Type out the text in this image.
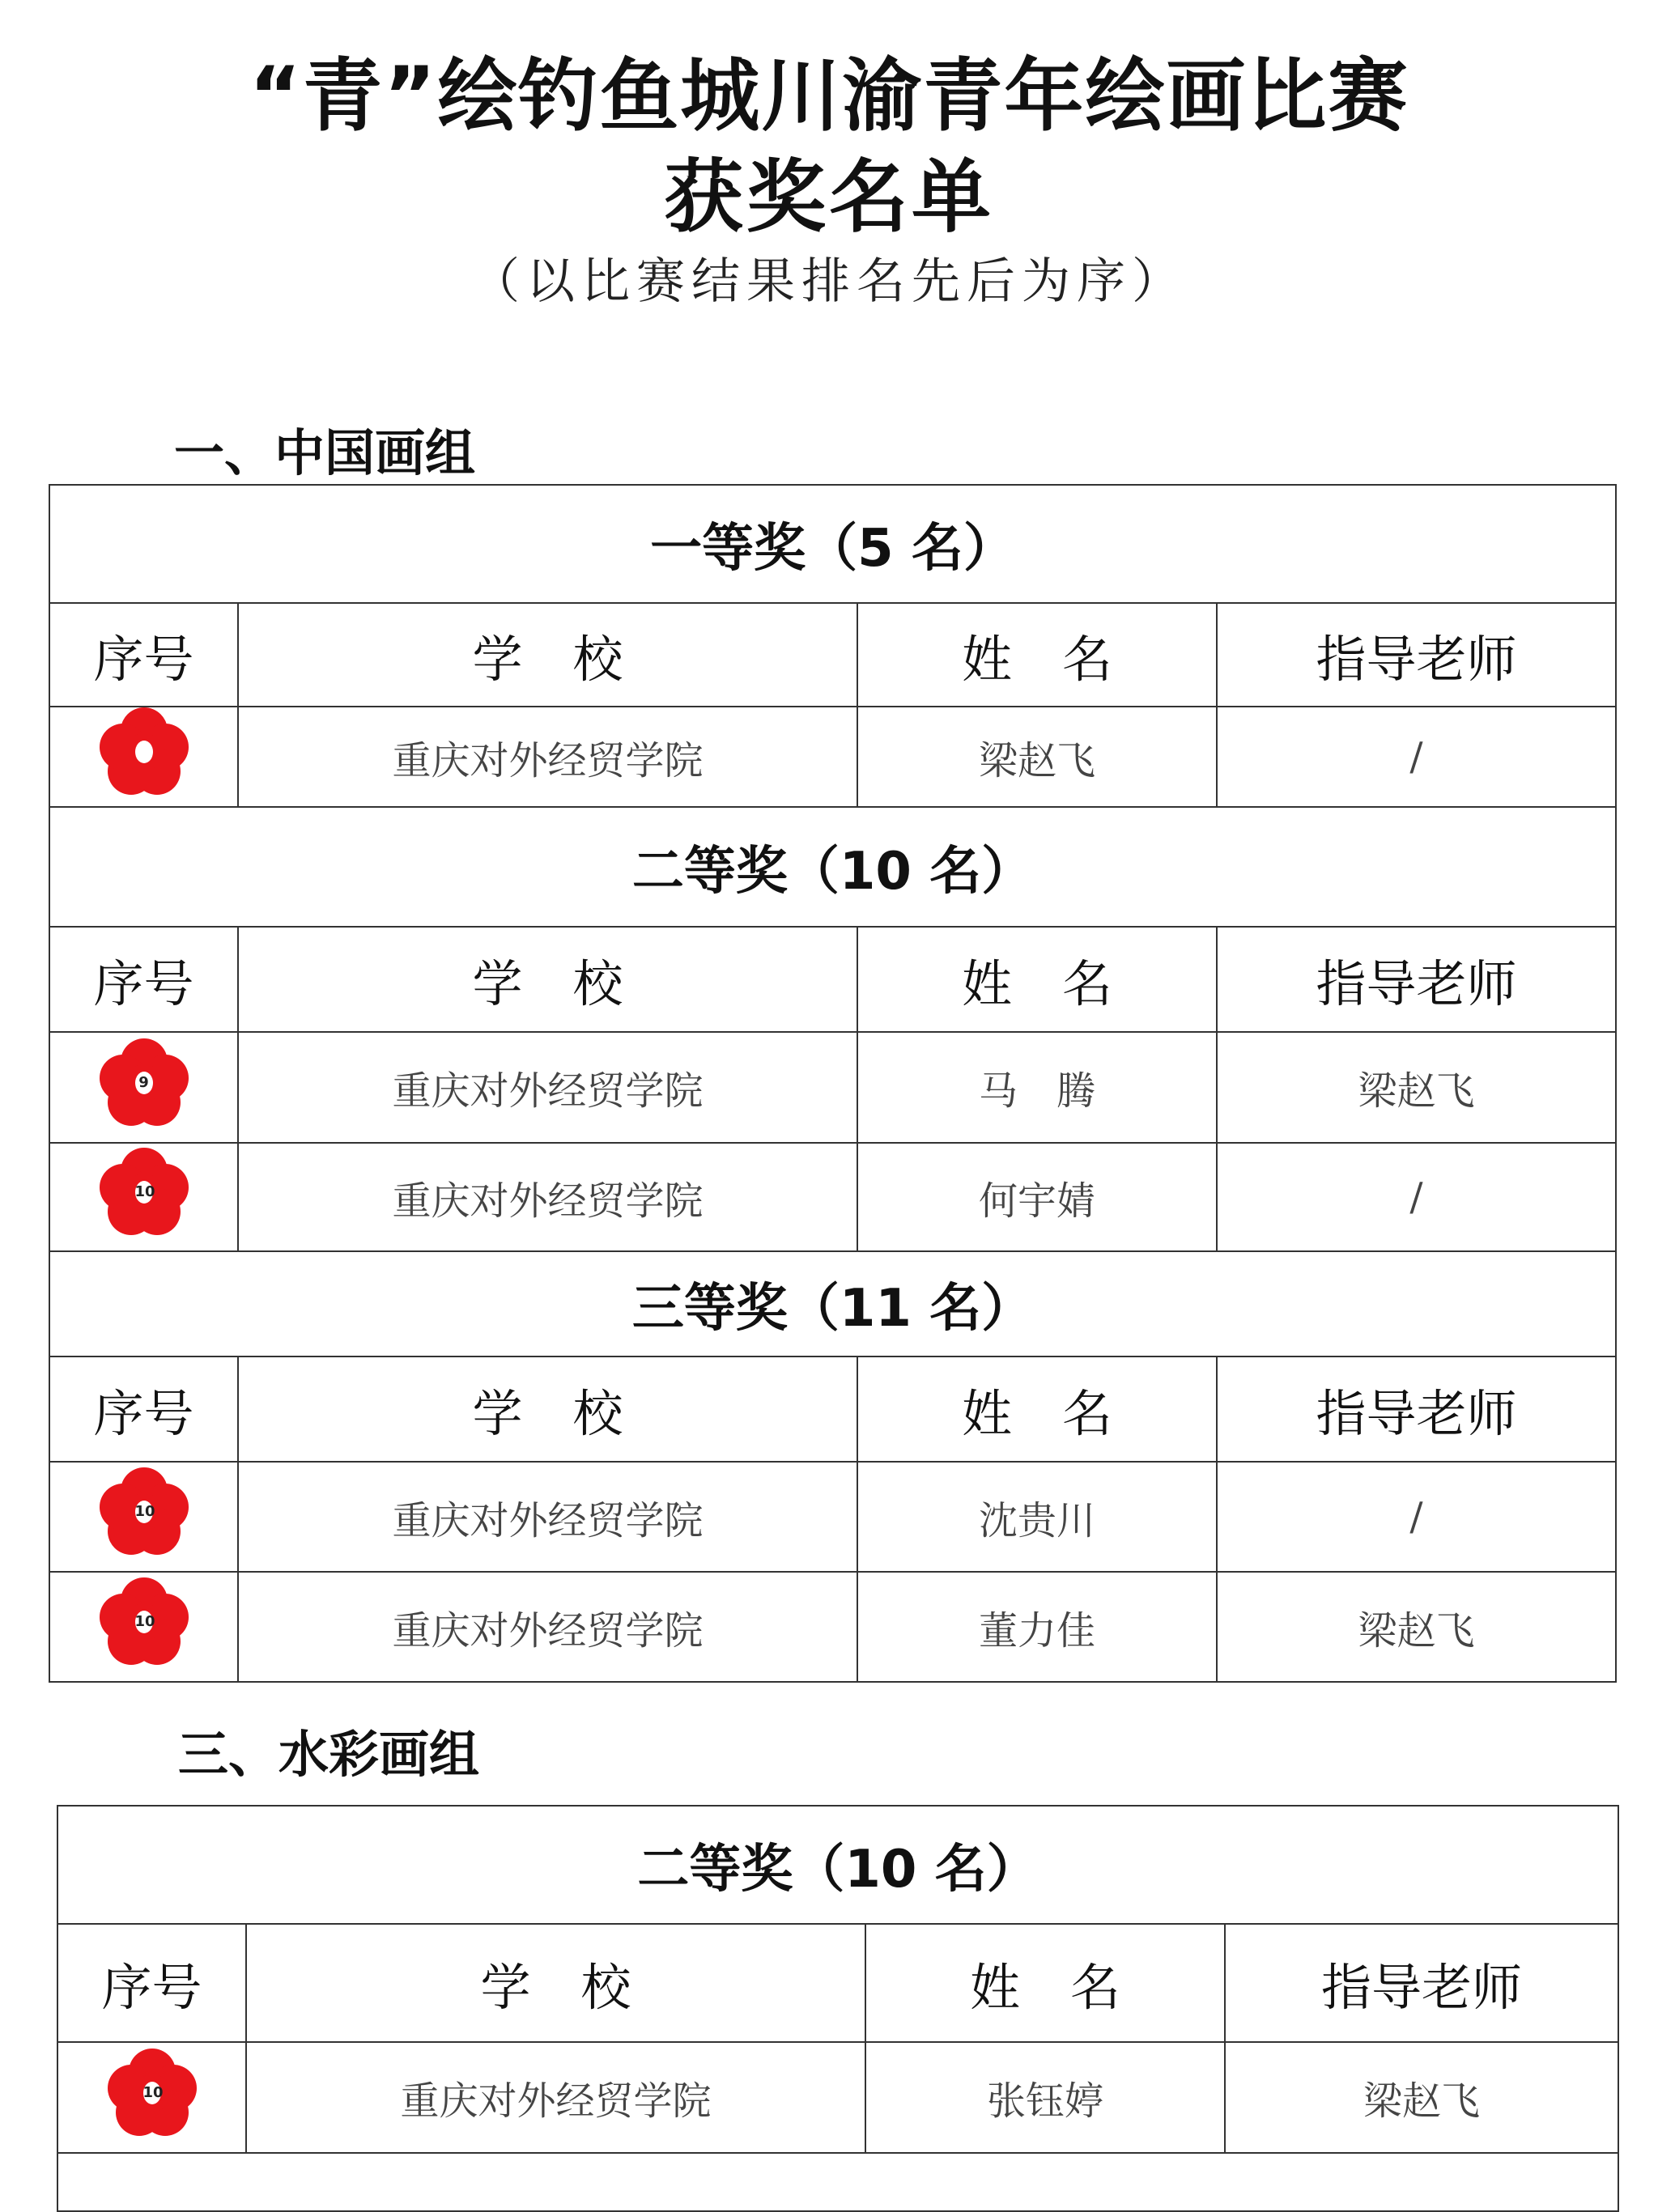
“青”绘钓鱼城川渝青年绘画比赛
获奖名单
（以比赛结果排名先后为序）
一、中国画组
一等奖（5 名）			
序号	学　校	姓　名	指导老师

	重庆对外经贸学院	梁赵飞	/
二等奖（10 名）			
序号	学　校	姓　名	指导老师

9	重庆对外经贸学院	马　腾	梁赵飞

10	重庆对外经贸学院	何宇婧	/
三等奖（11 名）			
序号	学　校	姓　名	指导老师

10	重庆对外经贸学院	沈贵川	/

10	重庆对外经贸学院	董力佳	梁赵飞
三、水彩画组
二等奖（10 名）			
序号	学　校	姓　名	指导老师

10	重庆对外经贸学院	张钰婷	梁赵飞
